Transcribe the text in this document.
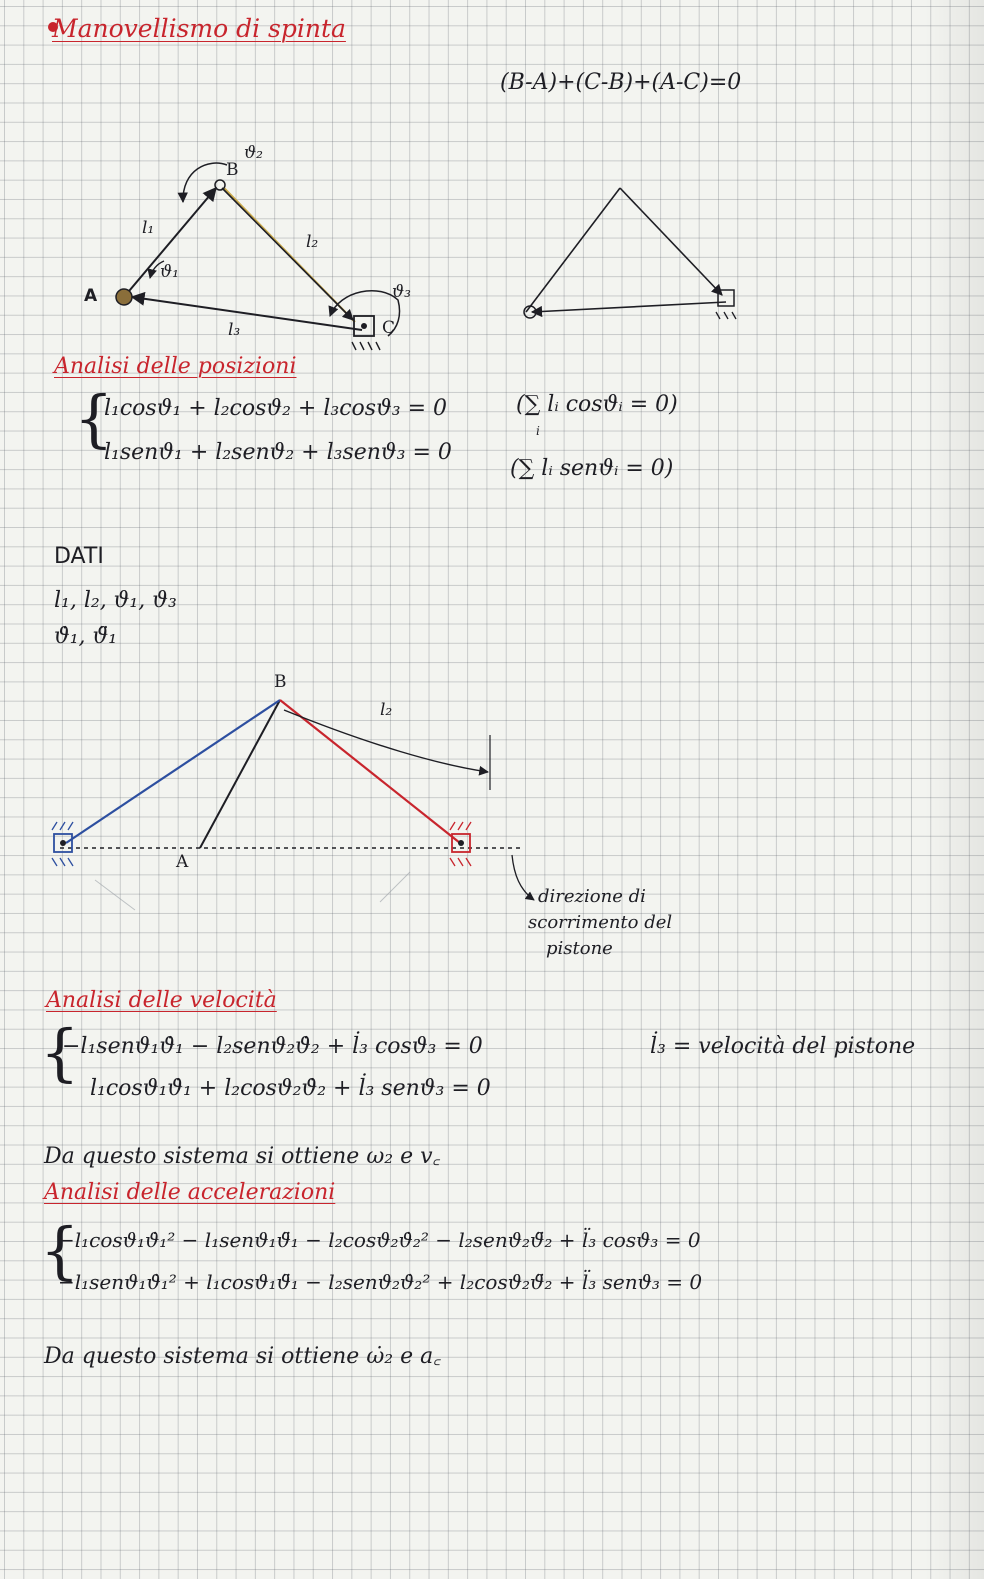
Manovellismo di spinta
(B-A)+(C-B)+(A-C)=0
A
B
C
l₁
l₂
l₃
ϑ₁
ϑ₂
ϑ₃
Analisi delle posizioni
{
l₁cosϑ₁ + l₂cosϑ₂ + l₃cosϑ₃ = 0
l₁senϑ₁ + l₂senϑ₂ + l₃senϑ₃ = 0
(∑ lᵢ cosϑᵢ = 0)
i
(∑ lᵢ senϑᵢ = 0)
DATI
l₁, l₂, ϑ₁, ϑ₃
ϑ̇₁, ϑ̈₁
B
A
l₂
direzione di
scorrimento del
pistone
Analisi delle velocità
{
−l₁senϑ₁ϑ̇₁ − l₂senϑ₂ϑ̇₂ + l̇₃ cosϑ₃ = 0
l₁cosϑ₁ϑ̇₁ + l₂cosϑ₂ϑ̇₂ + l̇₃ senϑ₃ = 0
l̇₃ = velocità del pistone
Da questo sistema si ottiene ω₂ e v꜀
Analisi delle accelerazioni
{
−l₁cosϑ₁ϑ̇₁² − l₁senϑ₁ϑ̈₁ − l₂cosϑ₂ϑ̇₂² − l₂senϑ₂ϑ̈₂ + l̈₃ cosϑ₃ = 0
−l₁senϑ₁ϑ̇₁² + l₁cosϑ₁ϑ̈₁ − l₂senϑ₂ϑ̇₂² + l₂cosϑ₂ϑ̈₂ + l̈₃ senϑ₃ = 0
Da questo sistema si ottiene ω̇₂ e a꜀
